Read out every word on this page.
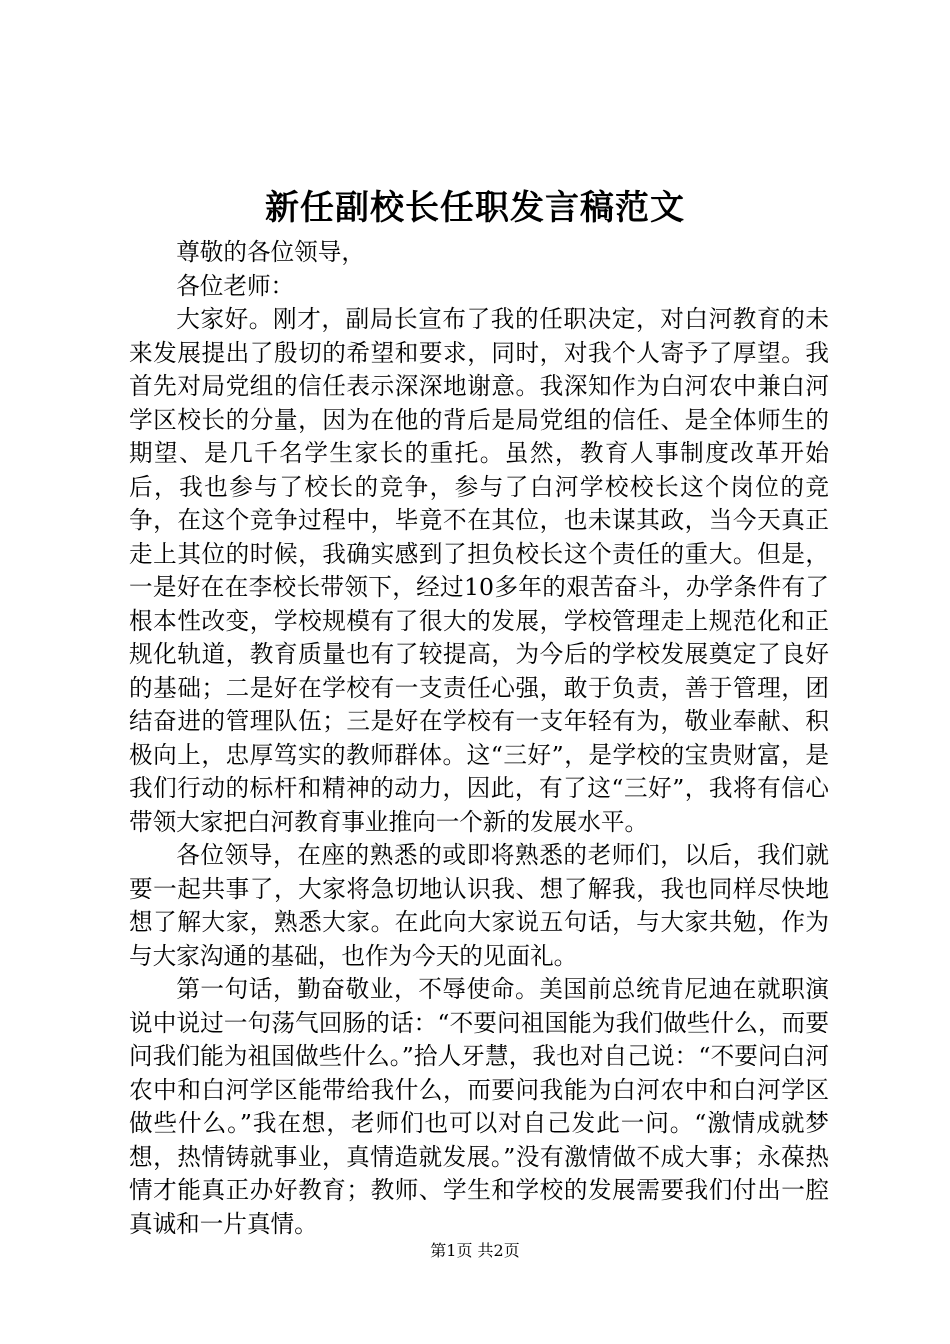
新任副校长任职发言稿范文

尊敬的各位领导，

各位老师：

大家好。刚才，副局长宣布了我的任职决定，对白河教育的未来发展提出了殷切的希望和要求，同时，对我个人寄予了厚望。我首先对局党组的信任表示深深地谢意。我深知作为白河农中兼白河学区校长的分量，因为在他的背后是局党组的信任、是全体师生的期望、是几千名学生家长的重托。虽然，教育人事制度改革开始后，我也参与了校长的竞争，参与了白河学校校长这个岗位的竞争，在这个竞争过程中，毕竟不在其位，也未谋其政，当今天真正走上其位的时候，我确实感到了担负校长这个责任的重大。但是，一是好在在李校长带领下，经过10多年的艰苦奋斗，办学条件有了根本性改变，学校规模有了很大的发展，学校管理走上规范化和正规化轨道，教育质量也有了较提高，为今后的学校发展奠定了良好的基础；二是好在学校有一支责任心强，敢于负责，善于管理，团结奋进的管理队伍；三是好在学校有一支年轻有为，敬业奉献、积极向上，忠厚笃实的教师群体。这“三好”，是学校的宝贵财富，是我们行动的标杆和精神的动力，因此，有了这“三好”，我将有信心带领大家把白河教育事业推向一个新的发展水平。

各位领导，在座的熟悉的或即将熟悉的老师们，以后，我们就要一起共事了，大家将急切地认识我、想了解我，我也同样尽快地想了解大家，熟悉大家。在此向大家说五句话，与大家共勉，作为与大家沟通的基础，也作为今天的见面礼。

第一句话，勤奋敬业，不辱使命。美国前总统肯尼迪在就职演说中说过一句荡气回肠的话：“不要问祖国能为我们做些什么，而要问我们能为祖国做些什么。”拾人牙慧，我也对自己说：“不要问白河农中和白河学区能带给我什么，而要问我能为白河农中和白河学区做些什么。”我在想，老师们也可以对自己发此一问。“激情成就梦想，热情铸就事业，真情造就发展。”没有激情做不成大事；永葆热情才能真正办好教育；教师、学生和学校的发展需要我们付出一腔真诚和一片真情。

第1页 共2页
